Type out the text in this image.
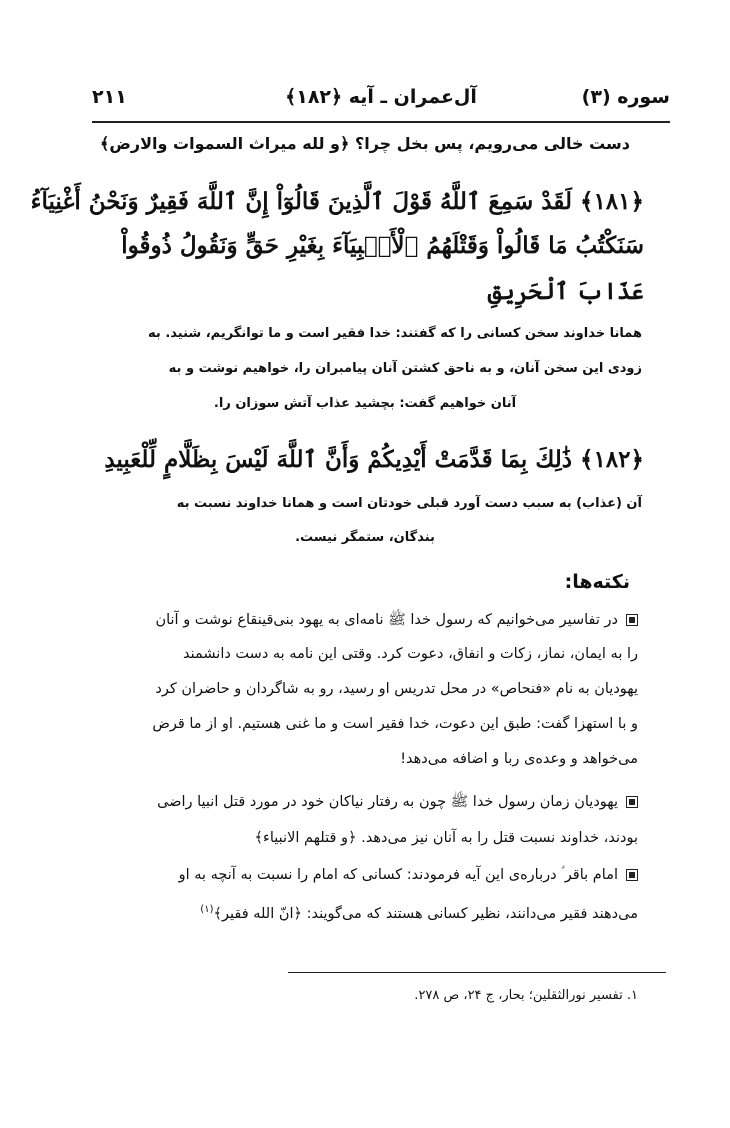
سوره (۳)
آل‌عمران ـ آیه ﴿۱۸۲﴾
۲۱۱
دست خالی می‌رویم، پس بخل چرا؟ ﴿و لله میراث السموات والارض﴾
﴿۱۸۱﴾ لَقَدْ سَمِعَ ٱللَّهُ قَوْلَ ٱلَّذِينَ قَالُوٓاْ إِنَّ ٱللَّهَ فَقِيرٌ وَنَحْنُ أَغْنِيَآءُ
سَنَكْتُبُ مَا قَالُواْ وَقَتْلَهُمُ ٱلْأَنۢبِيَآءَ بِغَيْرِ حَقٍّ وَنَقُولُ ذُوقُواْ
عَذَابَ ٱلْحَرِيقِ
همانا خداوند سخن کسانی را که گفتند: خدا فقیر است و ما توانگریم، شنید. به
زودی این سخن آنان، و به ناحق کشتن آنان پیامبران را، خواهیم نوشت و به
آنان خواهیم گفت: بچشید عذاب آتش سوزان را.
﴿۱۸۲﴾ ذَٰلِكَ بِمَا قَدَّمَتْ أَيْدِيكُمْ وَأَنَّ ٱللَّهَ لَيْسَ بِظَلَّامٍ لِّلْعَبِيدِ
آن (عذاب) به سبب دست آورد قبلی خودتان است و همانا خداوند نسبت به
بندگان، ستمگر نیست.
نکته‌ها:
در تفاسیر می‌خوانیم که رسول خدا ﷺ نامه‌ای به یهود بنی‌قینقاع نوشت و آنان
را به ایمان، نماز، زکات و انفاق، دعوت کرد. وقتی این نامه به دست دانشمند
یهودیان به نام «فنحاص» در محل تدریس او رسید، رو به شاگردان و حاضران کرد
و با استهزا گفت: طبق این دعوت، خدا فقیر است و ما غنی هستیم. او از ما قرض
می‌خواهد و وعده‌ی ربا و اضافه می‌دهد!
یهودیان زمان رسول خدا ﷺ چون به رفتار نیاکان خود در مورد قتل انبیا راضی
بودند، خداوند نسبت قتل را به آنان نیز می‌دهد. ﴿و قتلهم الانبیاء﴾
امام باقر ؑ درباره‌ی این آیه فرمودند: کسانی که امام را نسبت به آنچه به او
می‌دهند فقیر می‌دانند، نظیر کسانی هستند که می‌گویند: ﴿انّ الله فقیر﴾$^{(۱)}$
۱. تفسیر نورالثقلین؛ بحار، ج ۲۴، ص ۲۷۸.
